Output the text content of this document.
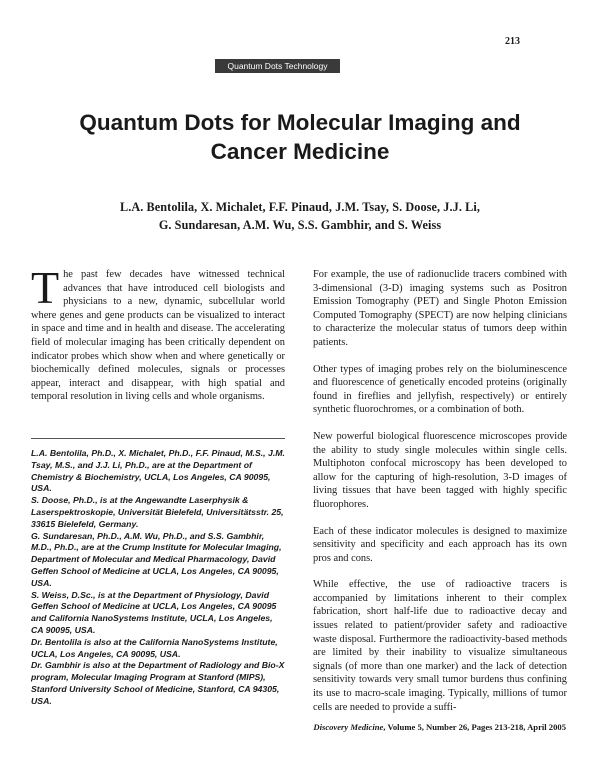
213
Quantum Dots Technology
Quantum Dots for Molecular Imaging and
Cancer Medicine
L.A. Bentolila, X. Michalet, F.F. Pinaud, J.M. Tsay, S. Doose, J.J. Li,
G. Sundaresan, A.M. Wu, S.S. Gambhir, and S. Weiss

The past few decades have witnessed technical advances that have introduced cell biologists and physicians to a new, dynamic, subcellular world where genes and gene products can be visualized to interact in space and time and in health and disease. The accelerating field of molecular imaging has been critically dependent on indicator probes which show when and where genetically or biochemically defined molecules, signals or processes appear, interact and disappear, with high spatial and temporal resolution in living cells and whole organisms.

L.A. Bentolila, Ph.D., X. Michalet, Ph.D., F.F. Pinaud, M.S., J.M. Tsay, M.S., and J.J. Li, Ph.D., are at the Department of Chemistry & Biochemistry, UCLA, Los Angeles, CA 90095, USA.
S. Doose, Ph.D., is at the Angewandte Laserphysik & Laserspektroskopie, Universität Bielefeld, Universitätsstr. 25, 33615 Bielefeld, Germany.
G. Sundaresan, Ph.D., A.M. Wu, Ph.D., and S.S. Gambhir, M.D., Ph.D., are at the Crump Institute for Molecular Imaging, Department of Molecular and Medical Pharmacology, David Geffen School of Medicine at UCLA, Los Angeles, CA 90095, USA.
S. Weiss, D.Sc., is at the Department of Physiology, David Geffen School of Medicine at UCLA, Los Angeles, CA 90095 and California NanoSystems Institute, UCLA, Los Angeles, CA 90095, USA.
Dr. Bentolila is also at the California NanoSystems Institute, UCLA, Los Angeles, CA 90095, USA.
Dr. Gambhir is also at the Department of Radiology and Bio-X program, Molecular Imaging Program at Stanford (MIPS), Stanford University School of Medicine, Stanford, CA 94305, USA.

For example, the use of radionuclide tracers combined with 3-dimensional (3-D) imaging systems such as Positron Emission Tomography (PET) and Single Photon Emission Computed Tomography (SPECT) are now helping clinicians to characterize the molecular status of tumors deep within patients.

Other types of imaging probes rely on the bioluminescence and fluorescence of genetically encoded proteins (originally found in fireflies and jellyfish, respectively) or entirely synthetic fluorochromes, or a combination of both.

New powerful biological fluorescence microscopes provide the ability to study single molecules within single cells. Multiphoton confocal microscopy has been developed to allow for the capturing of high-resolution, 3-D images of living tissues that have been tagged with highly specific fluorophores.

Each of these indicator molecules is designed to maximize sensitivity and specificity and each approach has its own pros and cons.

While effective, the use of radioactive tracers is accompanied by limitations inherent to their complex fabrication, short half-life due to radioactive decay and issues related to patient/provider safety and radioactive waste disposal. Furthermore the radioactivity-based methods are limited by their inability to visualize simultaneous signals (of more than one marker) and the lack of detection sensitivity towards very small tumor burdens thus confining its use to macro-scale imaging. Typically, millions of tumor cells are needed to provide a suffi-

Discovery Medicine, Volume 5, Number 26, Pages 213-218, April 2005
